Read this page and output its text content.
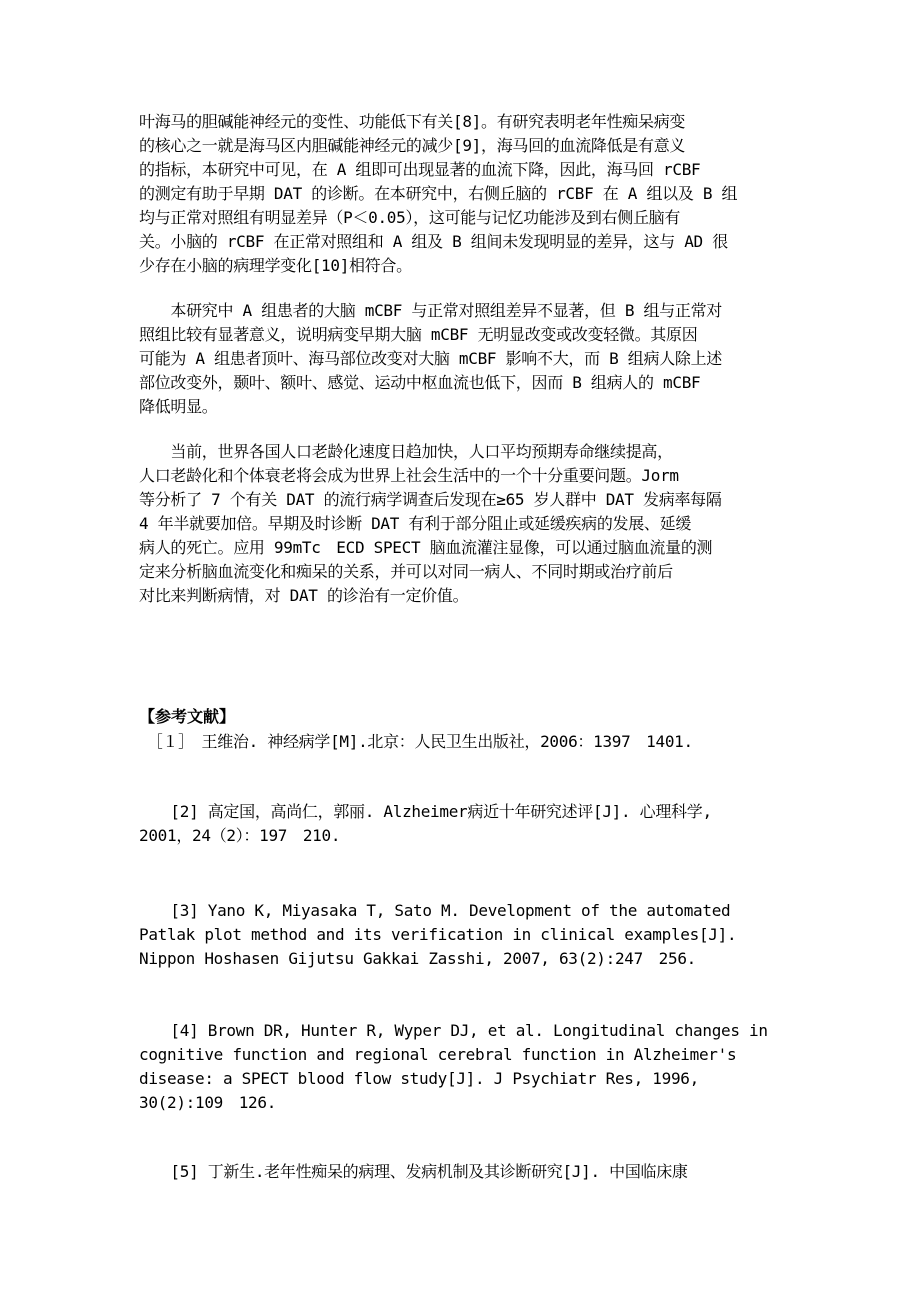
叶海马的胆碱能神经元的变性、功能低下有关[8]。有研究表明老年性痴呆病变
的核心之一就是海马区内胆碱能神经元的减少[9]，海马回的血流降低是有意义
的指标，本研究中可见，在 A 组即可出现显著的血流下降，因此，海马回 rCBF
的测定有助于早期 DAT 的诊断。在本研究中，右侧丘脑的 rCBF 在 A 组以及 B 组
均与正常对照组有明显差异（P＜0.05），这可能与记忆功能涉及到右侧丘脑有
关。小脑的 rCBF 在正常对照组和 A 组及 B 组间未发现明显的差异，这与 AD 很
少存在小脑的病理学变化[10]相符合。

　　本研究中 A 组患者的大脑 mCBF 与正常对照组差异不显著，但 B 组与正常对
照组比较有显著意义，说明病变早期大脑 mCBF 无明显改变或改变轻微。其原因
可能为 A 组患者顶叶、海马部位改变对大脑 mCBF 影响不大，而 B 组病人除上述
部位改变外，颞叶、额叶、感觉、运动中枢血流也低下，因而 B 组病人的 mCBF
降低明显。

　　当前，世界各国人口老龄化速度日趋加快，人口平均预期寿命继续提高，
人口老龄化和个体衰老将会成为世界上社会生活中的一个十分重要问题。Jorm
等分析了 7 个有关 DAT 的流行病学调查后发现在≥65 岁人群中 DAT 发病率每隔
4 年半就要加倍。早期及时诊断 DAT 有利于部分阻止或延缓疾病的发展、延缓
病人的死亡。应用 99mTc　ECD SPECT 脑血流灌注显像，可以通过脑血流量的测
定来分析脑血流变化和痴呆的关系，并可以对同一病人、不同时期或治疗前后
对比来判断病情，对 DAT 的诊治有一定价值。

【参考文献】

　［１］　王维治. 神经病学[M].北京：人民卫生出版社，2006：1397　1401.

　　[2] 高定国，高尚仁，郭丽. Alzheimer病近十年研究述评[J]. 心理科学,
2001，24（2）：197　210.

　　[3] Yano K, Miyasaka T, Sato M. Development of the automated
Patlak plot method and its verification in clinical examples[J].
Nippon Hoshasen Gijutsu Gakkai Zasshi, 2007, 63(2):247　256.

　　[4] Brown DR, Hunter R, Wyper DJ, et al. Longitudinal changes in
cognitive function and regional cerebral function in Alzheimer's
disease: a SPECT blood flow study[J]. J Psychiatr Res, 1996,
30(2):109　126.

　　[5] 丁新生.老年性痴呆的病理、发病机制及其诊断研究[J]. 中国临床康
